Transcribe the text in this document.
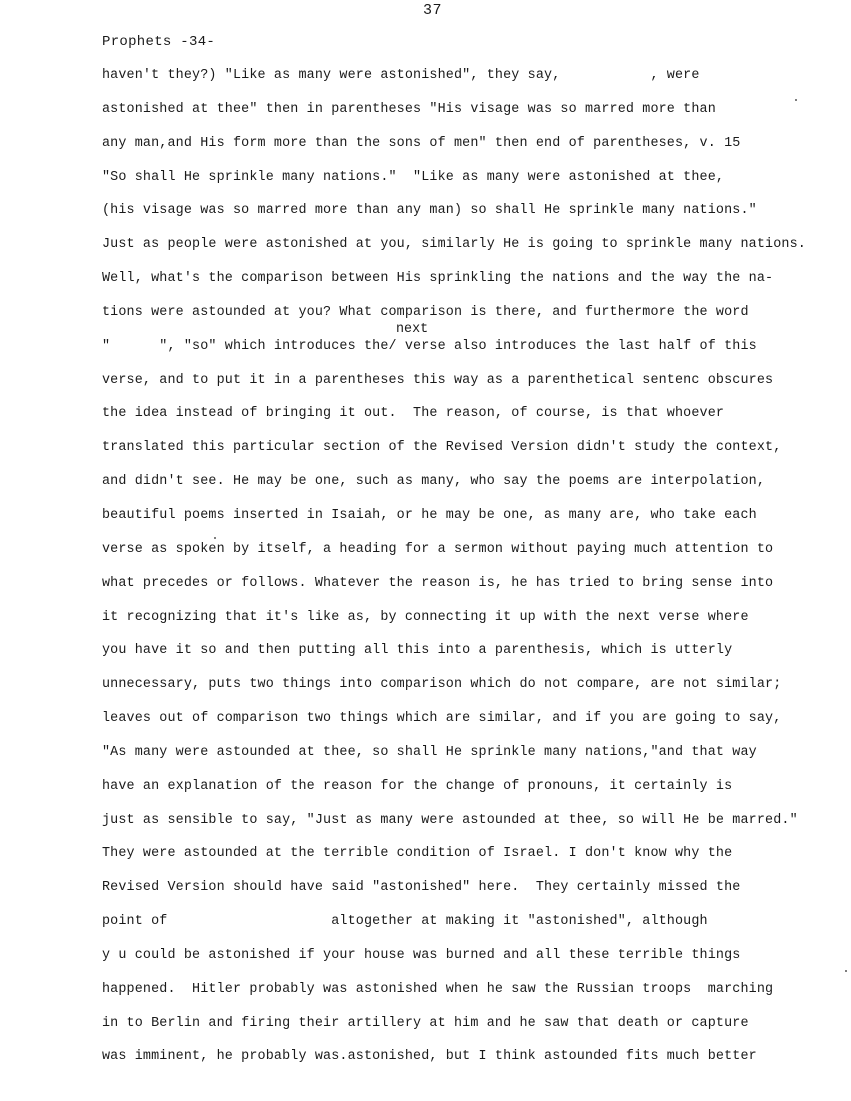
37
Prophets -34-
next
haven't they?) "Like as many were astonished", they say,           , were
astonished at thee" then in parentheses "His visage was so marred more than
any man,and His form more than the sons of men" then end of parentheses, v. 15
"So shall He sprinkle many nations."  "Like as many were astonished at thee,
(his visage was so marred more than any man) so shall He sprinkle many nations."
Just as people were astonished at you, similarly He is going to sprinkle many nations.
Well, what's the comparison between His sprinkling the nations and the way the na-
tions were astounded at you? What comparison is there, and furthermore the word
"      ", "so" which introduces the/ verse also introduces the last half of this
verse, and to put it in a parentheses this way as a parenthetical sentenc obscures
the idea instead of bringing it out.  The reason, of course, is that whoever
translated this particular section of the Revised Version didn't study the context,
and didn't see. He may be one, such as many, who say the poems are interpolation,
beautiful poems inserted in Isaiah, or he may be one, as many are, who take each
verse as spoken by itself, a heading for a sermon without paying much attention to
what precedes or follows. Whatever the reason is, he has tried to bring sense into
it recognizing that it's like as, by connecting it up with the next verse where
you have it so and then putting all this into a parenthesis, which is utterly
unnecessary, puts two things into comparison which do not compare, are not similar;
leaves out of comparison two things which are similar, and if you are going to say,
"As many were astounded at thee, so shall He sprinkle many nations,"and that way
have an explanation of the reason for the change of pronouns, it certainly is
just as sensible to say, "Just as many were astounded at thee, so will He be marred."
They were astounded at the terrible condition of Israel. I don't know why the
Revised Version should have said "astonished" here.  They certainly missed the
point of                    altogether at making it "astonished", although
y u could be astonished if your house was burned and all these terrible things
happened.  Hitler probably was astonished when he saw the Russian troops  marching
in to Berlin and firing their artillery at him and he saw that death or capture
was imminent, he probably was.astonished, but I think astounded fits much better
